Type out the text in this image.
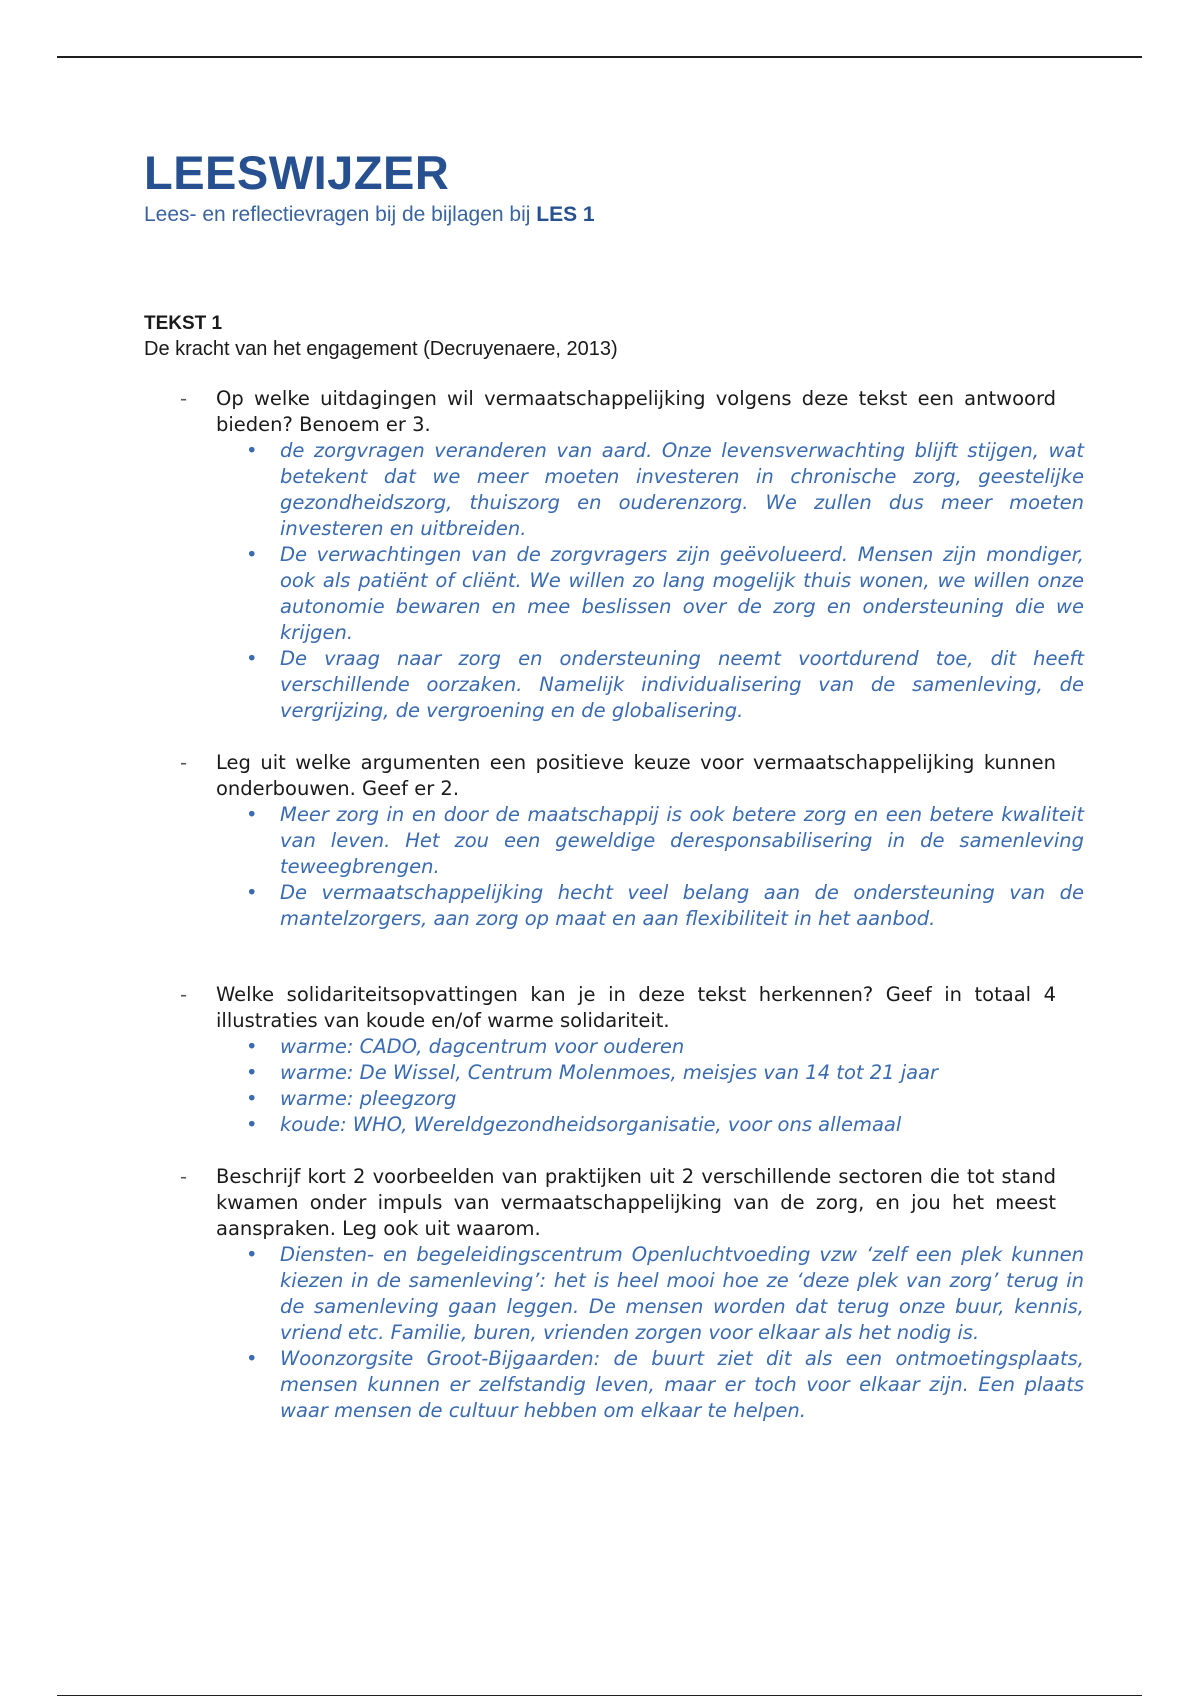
LEESWIJZER
Lees- en reflectievragen bij de bijlagen bij LES 1
TEKST 1
De kracht van het engagement (Decruyenaere, 2013)
- Op welke uitdagingen wil vermaatschappelijking volgens deze tekst een antwoord bieden? Benoem er 3.
• de zorgvragen veranderen van aard. Onze levensverwachting blijft stijgen, wat betekent dat we meer moeten investeren in chronische zorg, geestelijke gezondheidszorg, thuiszorg en ouderenzorg. We zullen dus meer moeten investeren en uitbreiden.
• De verwachtingen van de zorgvragers zijn geëvolueerd. Mensen zijn mondiger, ook als patiënt of cliënt. We willen zo lang mogelijk thuis wonen, we willen onze autonomie bewaren en mee beslissen over de zorg en ondersteuning die we krijgen.
• De vraag naar zorg en ondersteuning neemt voortdurend toe, dit heeft verschillende oorzaken. Namelijk individualisering van de samenleving, de vergrijzing, de vergroening en de globalisering.
- Leg uit welke argumenten een positieve keuze voor vermaatschappelijking kunnen onderbouwen. Geef er 2.
• Meer zorg in en door de maatschappij is ook betere zorg en een betere kwaliteit van leven. Het zou een geweldige deresponsabilisering in de samenleving teweegbrengen.
• De vermaatschappelijking hecht veel belang aan de ondersteuning van de mantelzorgers, aan zorg op maat en aan flexibiliteit in het aanbod.
- Welke solidariteitsopvattingen kan je in deze tekst herkennen? Geef in totaal 4 illustraties van koude en/of warme solidariteit.
• warme: CADO, dagcentrum voor ouderen
• warme: De Wissel, Centrum Molenmoes, meisjes van 14 tot 21 jaar
• warme: pleegzorg
• koude: WHO, Wereldgezondheidsorganisatie, voor ons allemaal
- Beschrijf kort 2 voorbeelden van praktijken uit 2 verschillende sectoren die tot stand kwamen onder impuls van vermaatschappelijking van de zorg, en jou het meest aanspraken. Leg ook uit waarom.
• Diensten- en begeleidingscentrum Openluchtvoeding vzw ‘zelf een plek kunnen kiezen in de samenleving’: het is heel mooi hoe ze ‘deze plek van zorg’ terug in de samenleving gaan leggen. De mensen worden dat terug onze buur, kennis, vriend etc. Familie, buren, vrienden zorgen voor elkaar als het nodig is.
• Woonzorgsite Groot-Bijgaarden: de buurt ziet dit als een ontmoetingsplaats, mensen kunnen er zelfstandig leven, maar er toch voor elkaar zijn. Een plaats waar mensen de cultuur hebben om elkaar te helpen.
